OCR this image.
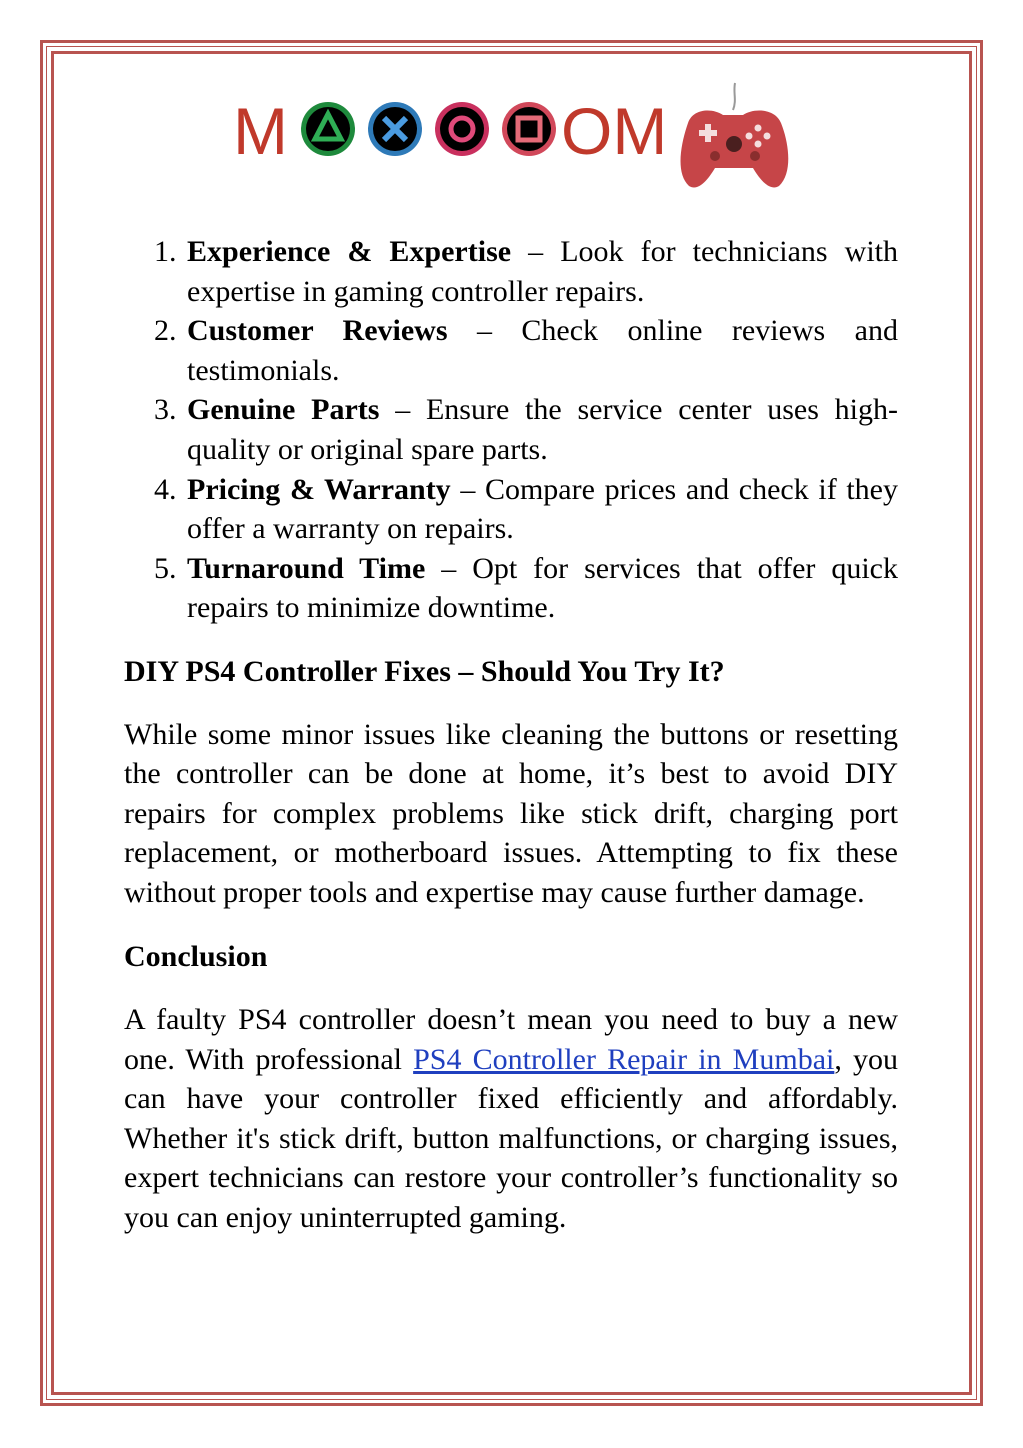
M	OM
1. Experience & Expertise – Look for technicians with expertise in gaming controller repairs.
2. Customer Reviews – Check online reviews and testimonials.
3. Genuine Parts – Ensure the service center uses high-quality or original spare parts.
4. Pricing & Warranty – Compare prices and check if they offer a warranty on repairs.
5. Turnaround Time – Opt for services that offer quick repairs to minimize downtime.
DIY PS4 Controller Fixes – Should You Try It?

While some minor issues like cleaning the buttons or resetting the controller can be done at home, it’s best to avoid DIY repairs for complex problems like stick drift, charging port replacement, or motherboard issues. Attempting to fix these without proper tools and expertise may cause further damage.

Conclusion

A faulty PS4 controller doesn’t mean you need to buy a new one. With professional PS4 Controller Repair in Mumbai, you can have your controller fixed efficiently and affordably. Whether it's stick drift, button malfunctions, or charging issues, expert technicians can restore your controller’s functionality so you can enjoy uninterrupted gaming.
